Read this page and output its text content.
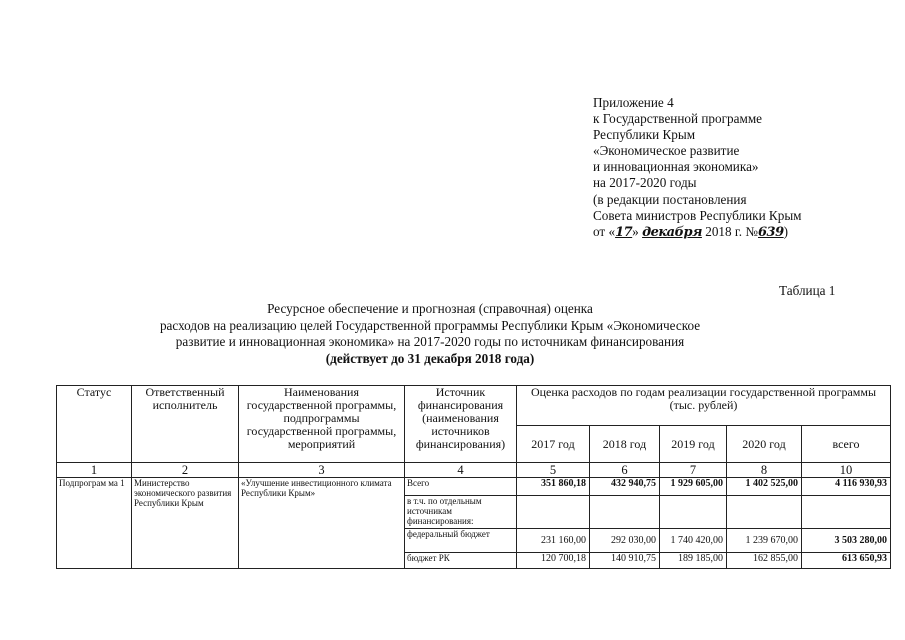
Приложение 4
к Государственной программе
Республики Крым
«Экономическое развитие
и инновационная экономика»
на 2017-2020 годы
(в редакции постановления
Совета министров Республики Крым
от «17» декабря 2018 г. №639)
Таблица 1
Ресурсное обеспечение и прогнозная (справочная) оценка
расходов на реализацию целей Государственной программы Республики Крым «Экономическое
развитие и инновационная экономика» на 2017-2020 годы по источникам финансирования
(действует до 31 декабря 2018 года)
Статус	Ответственный исполнитель	Наименования государственной программы, подпрограммы государственной программы, мероприятий	Источник финансирования (наименования источников финансирования)	Оценка расходов по годам реализации государственной программы (тыс. рублей)				
				2017 год	2018 год	2019 год	2020 год	всего
1	2	3	4	5	6	7	8	10
Подпрограм ма 1	Министерство экономического развития Республики Крым	«Улучшение инвестиционного климата Республики Крым»	Всего	351 860,18	432 940,75	1 929 605,00	1 402 525,00	4 116 930,93
			в т.ч. по отдельным источникам финансирования:					
			федеральный бюджет	231 160,00	292 030,00	1 740 420,00	1 239 670,00	3 503 280,00
			бюджет РК	120 700,18	140 910,75	189 185,00	162 855,00	613 650,93
